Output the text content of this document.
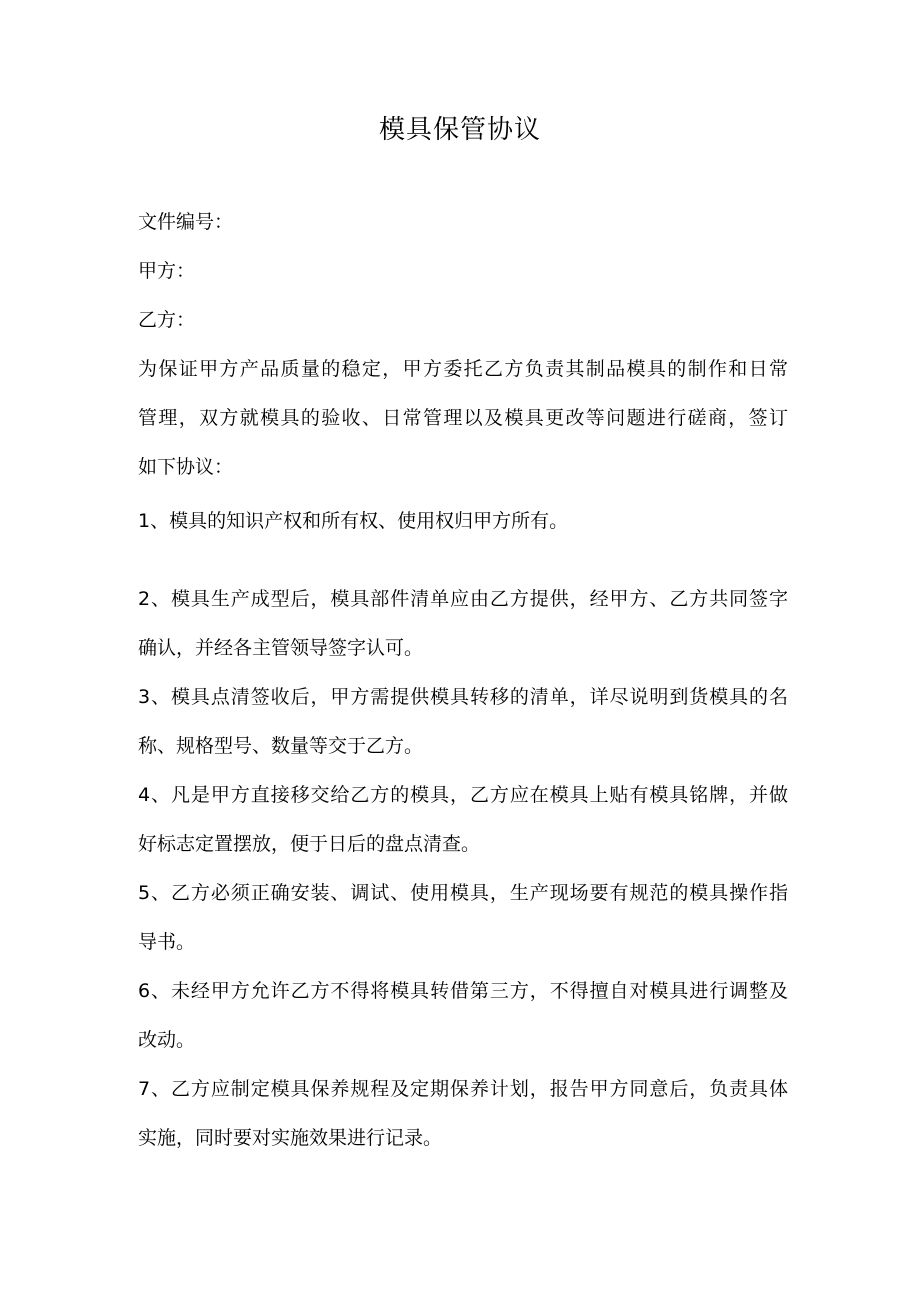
模具保管协议
文件编号：
甲方：
乙方：
为保证甲方产品质量的稳定，甲方委托乙方负责其制品模具的制作和日常
管理，双方就模具的验收、日常管理以及模具更改等问题进行磋商，签订
如下协议：
1、模具的知识产权和所有权、使用权归甲方所有。
2、模具生产成型后，模具部件清单应由乙方提供，经甲方、乙方共同签字
确认，并经各主管领导签字认可。
3、模具点清签收后，甲方需提供模具转移的清单，详尽说明到货模具的名
称、规格型号、数量等交于乙方。
4、凡是甲方直接移交给乙方的模具，乙方应在模具上贴有模具铭牌，并做
好标志定置摆放，便于日后的盘点清查。
5、乙方必须正确安装、调试、使用模具，生产现场要有规范的模具操作指
导书。
6、未经甲方允许乙方不得将模具转借第三方，不得擅自对模具进行调整及
改动。
7、乙方应制定模具保养规程及定期保养计划，报告甲方同意后，负责具体
实施，同时要对实施效果进行记录。
